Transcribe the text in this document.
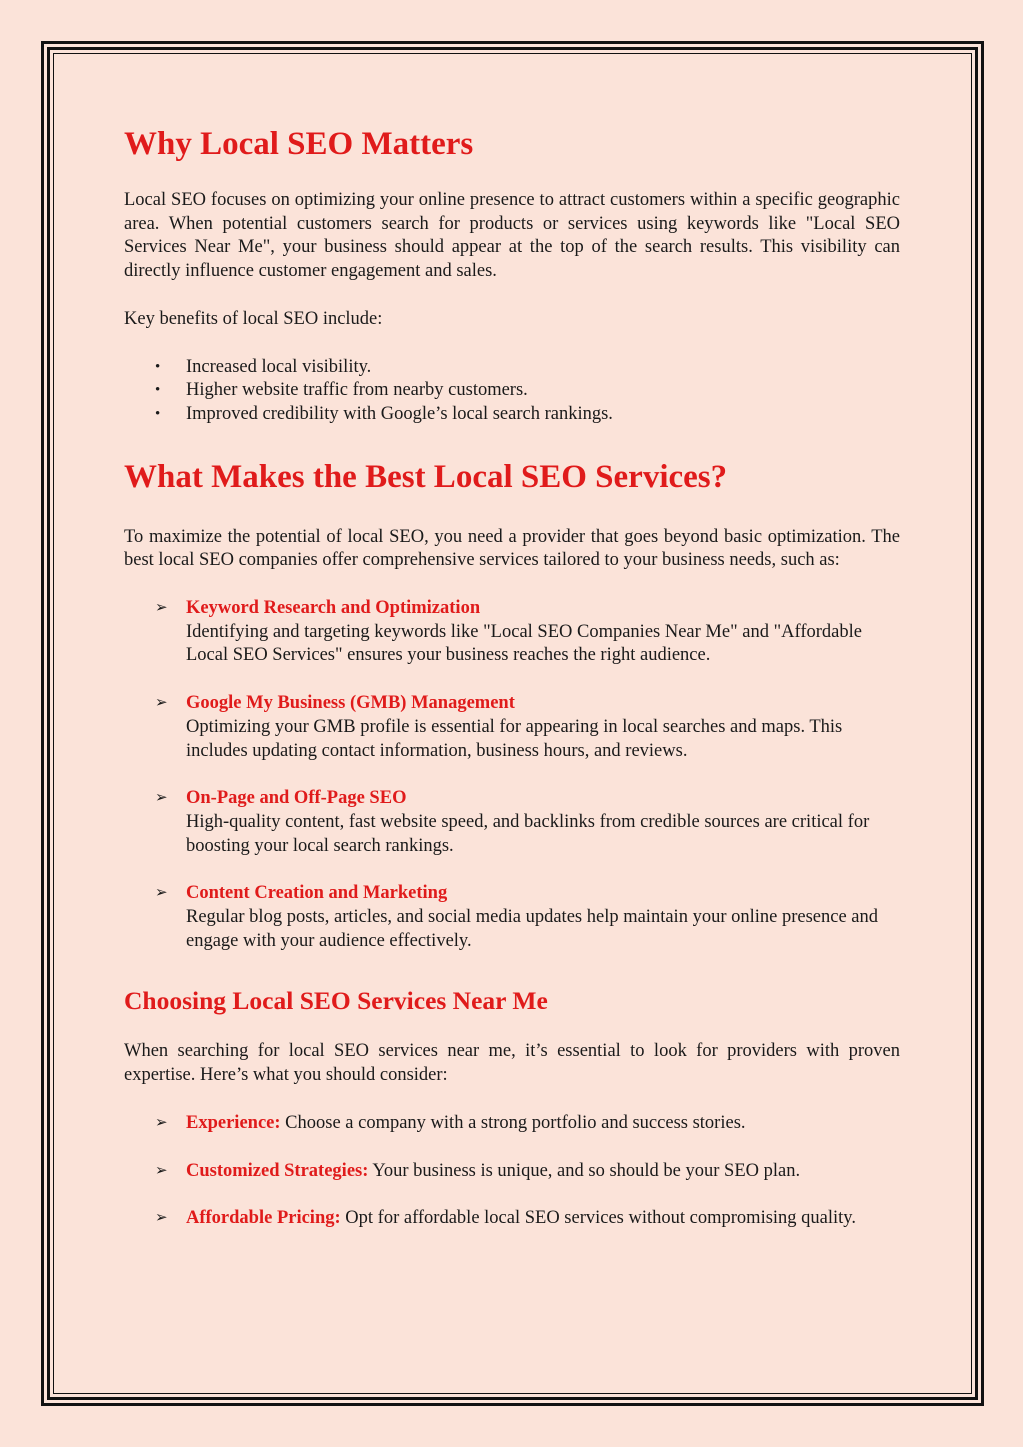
Why Local SEO Matters

Local SEO focuses on optimizing your online presence to attract customers within a specific geographic area. When potential customers search for products or services using keywords like "Local SEO Services Near Me", your business should appear at the top of the search results. This visibility can directly influence customer engagement and sales.

Key benefits of local SEO include:

• Increased local visibility.
• Higher website traffic from nearby customers.
• Improved credibility with Google’s local search rankings.
What Makes the Best Local SEO Services?

To maximize the potential of local SEO, you need a provider that goes beyond basic optimization. The best local SEO companies offer comprehensive services tailored to your business needs, such as:

➢ Keyword Research and Optimization
Identifying and targeting keywords like "Local SEO Companies Near Me" and "Affordable Local SEO Services" ensures your business reaches the right audience.
➢ Google My Business (GMB) Management
Optimizing your GMB profile is essential for appearing in local searches and maps. This includes updating contact information, business hours, and reviews.
➢ On-Page and Off-Page SEO
High-quality content, fast website speed, and backlinks from credible sources are critical for boosting your local search rankings.
➢ Content Creation and Marketing
Regular blog posts, articles, and social media updates help maintain your online presence and engage with your audience effectively.
Choosing Local SEO Services Near Me

When searching for local SEO services near me, it’s essential to look for providers with proven expertise. Here’s what you should consider:

➢ Experience: Choose a company with a strong portfolio and success stories.
➢ Customized Strategies: Your business is unique, and so should be your SEO plan.
➢ Affordable Pricing: Opt for affordable local SEO services without compromising quality.
